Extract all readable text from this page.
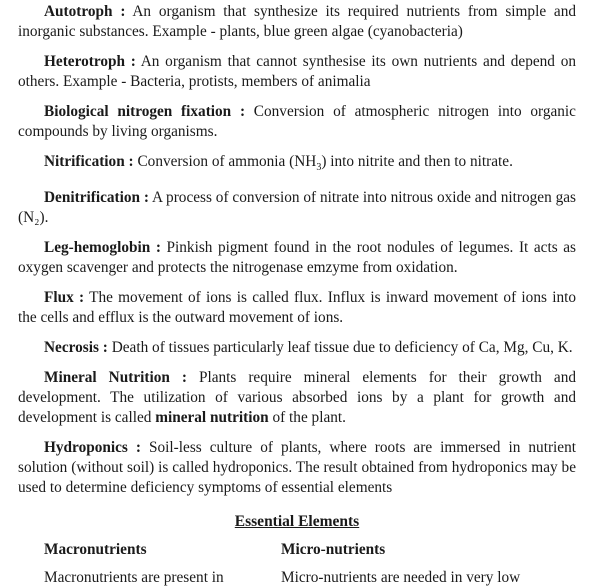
Autotroph : An organism that synthesize its required nutrients from simple and inorganic substances. Example - plants, blue green algae (cyanobacteria)

Heterotroph : An organism that cannot synthesise its own nutrients and depend on others. Example - Bacteria, protists, members of animalia

Biological nitrogen fixation : Conversion of atmospheric nitrogen into organic compounds by living organisms.

Nitrification : Conversion of ammonia $(NH_3)$ into nitrite and then to nitrate.

Denitrification : A process of conversion of nitrate into nitrous oxide and nitrogen gas (N₂).

Leg-hemoglobin : Pinkish pigment found in the root nodules of legumes. It acts as oxygen scavenger and protects the nitrogenase emzyme from oxidation.

Flux : The movement of ions is called flux. Influx is inward movement of ions into the cells and efflux is the outward movement of ions.

Necrosis : Death of tissues particularly leaf tissue due to deficiency of Ca, Mg, Cu, K.

Mineral Nutrition : Plants require mineral elements for their growth and development. The utilization of various absorbed ions by a plant for growth and development is called mineral nutrition of the plant.

Hydroponics : Soil-less culture of plants, where roots are immersed in nutrient solution (without soil) is called hydroponics. The result obtained from hydroponics may be used to determine deficiency symptoms of essential elements

Essential Elements
Macronutrients
Macronutrients are present in
Micro-nutrients
Micro-nutrients are needed in very low
